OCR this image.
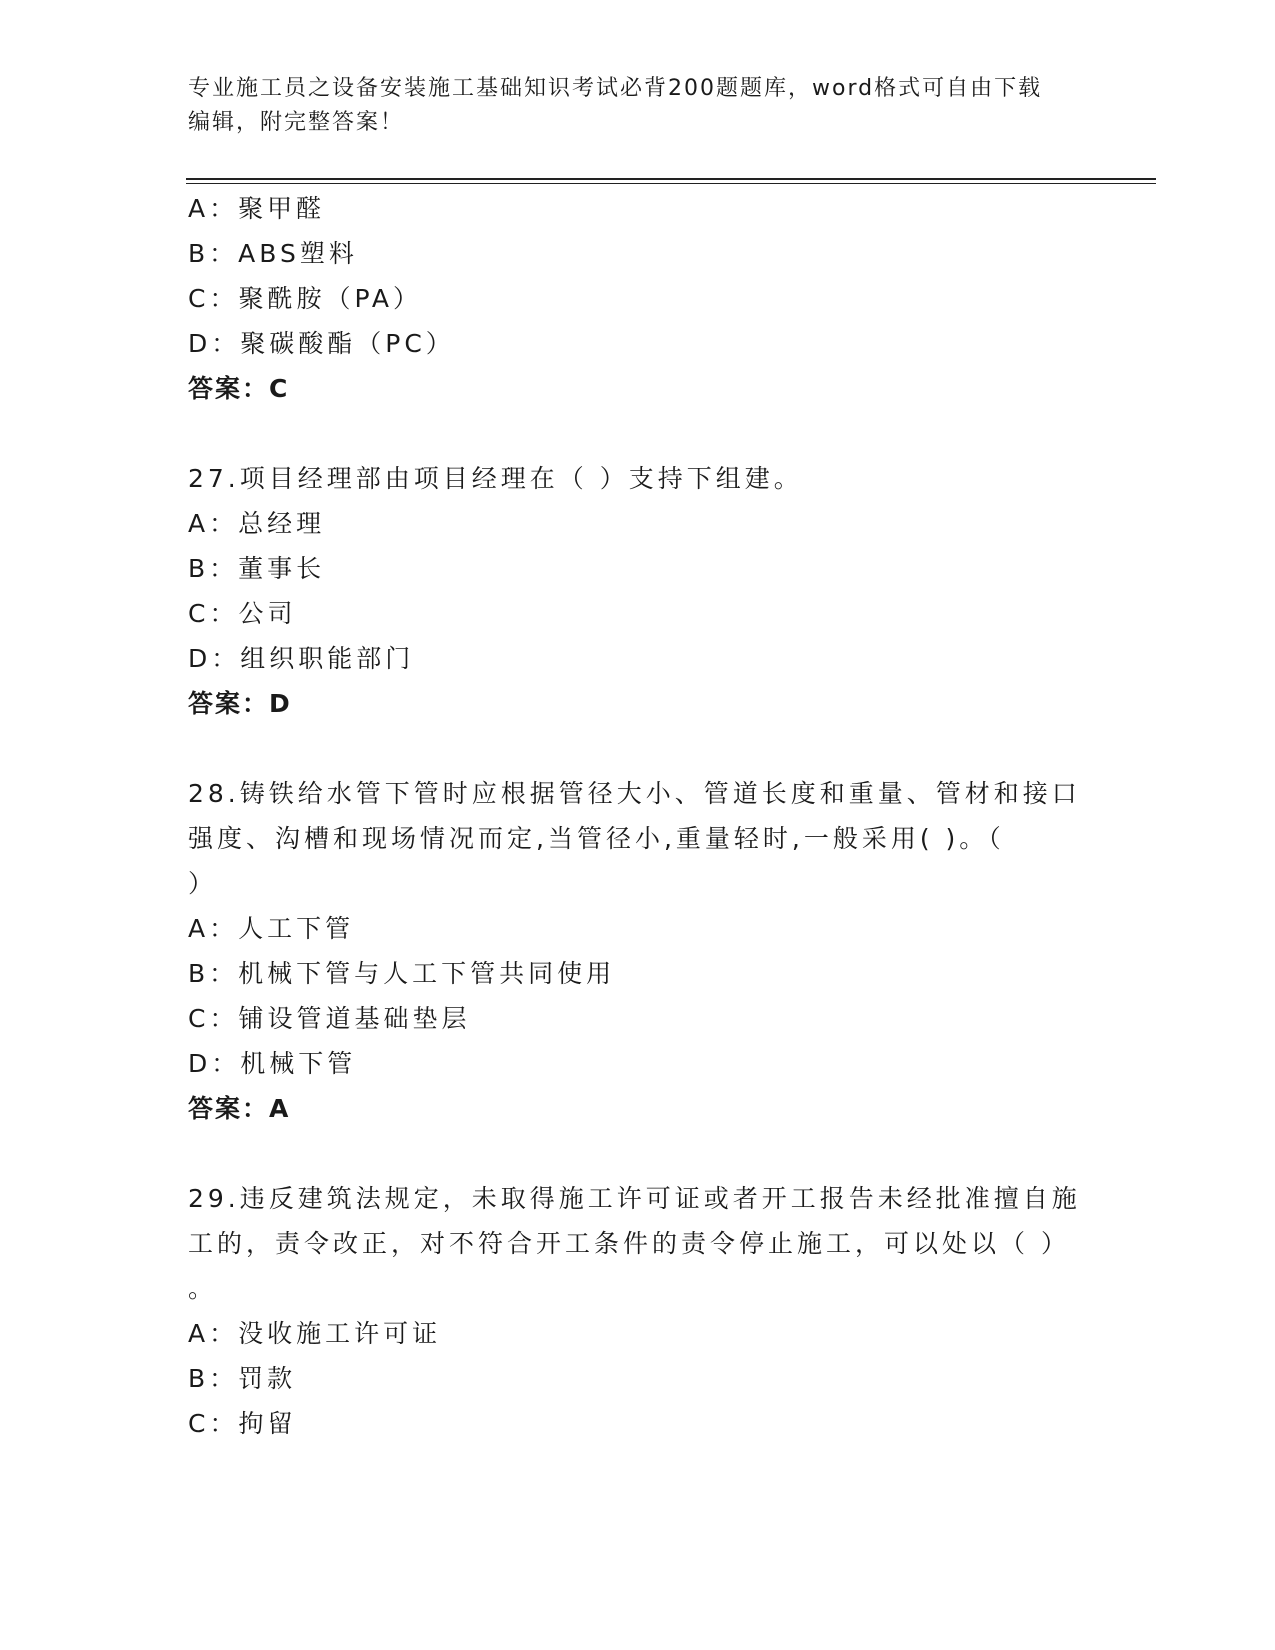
专业施工员之设备安装施工基础知识考试必背200题题库，word格式可自由下载
编辑，附完整答案！
A：聚甲醛
B：ABS塑料
C：聚酰胺（PA）
D：聚碳酸酯（PC）
答案：C
27.项目经理部由项目经理在（ ）支持下组建。
A：总经理
B：董事长
C：公司
D：组织职能部门
答案：D
28.铸铁给水管下管时应根据管径大小、管道长度和重量、管材和接口
强度、沟槽和现场情况而定,当管径小,重量轻时,一般采用( )。（
）
A：人工下管
B：机械下管与人工下管共同使用
C：铺设管道基础垫层
D：机械下管
答案：A
29.违反建筑法规定，未取得施工许可证或者开工报告未经批准擅自施
工的，责令改正，对不符合开工条件的责令停止施工，可以处以（ ）
。
A：没收施工许可证
B：罚款
C：拘留
